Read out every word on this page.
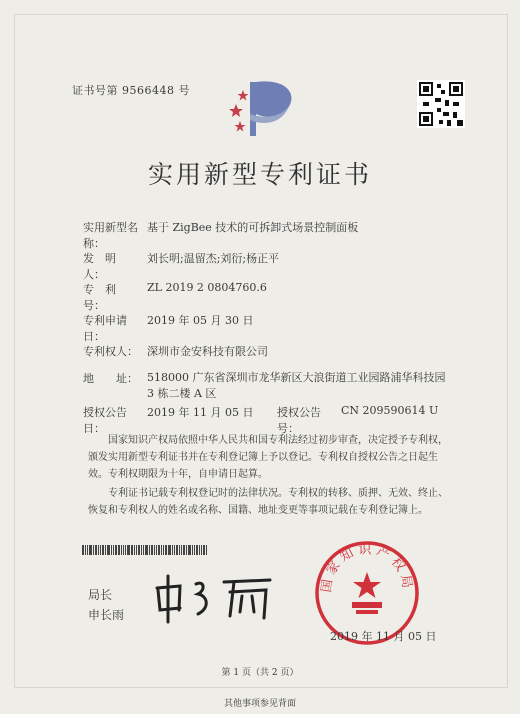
证书号第 9566448 号
实用新型专利证书
实用新型名称：
基于 ZigBee 技术的可拆卸式场景控制面板
发　明　人：
刘长明;温留杰;刘衍;杨正平
专　利　号：
ZL 2019 2 0804760.6
专利申请日：
2019 年 05 月 30 日
专利权人： 深圳市金安科技有限公司
地　　址： 518000 广东省深圳市龙华新区大浪街道工业园路浦华科技园 3 栋二楼 A 区
授权公告日：
2019 年 11 月 05 日 授权公告号：
CN 209590614 U
国家知识产权局依照中华人民共和国专利法经过初步审查，决定授予专利权，颁发实用新型专利证书并在专利登记簿上予以登记。专利权自授权公告之日起生效。专利权期限为十年，自申请日起算。
专利证书记载专利权登记时的法律状况。专利权的转移、质押、无效、终止、恢复和专利权人的姓名或名称、国籍、地址变更等事项记载在专利登记簿上。
局长
申长雨
国家知识产权局
2019 年 11 月 05 日
第 1 页（共 2 页）
其他事项参见背面
